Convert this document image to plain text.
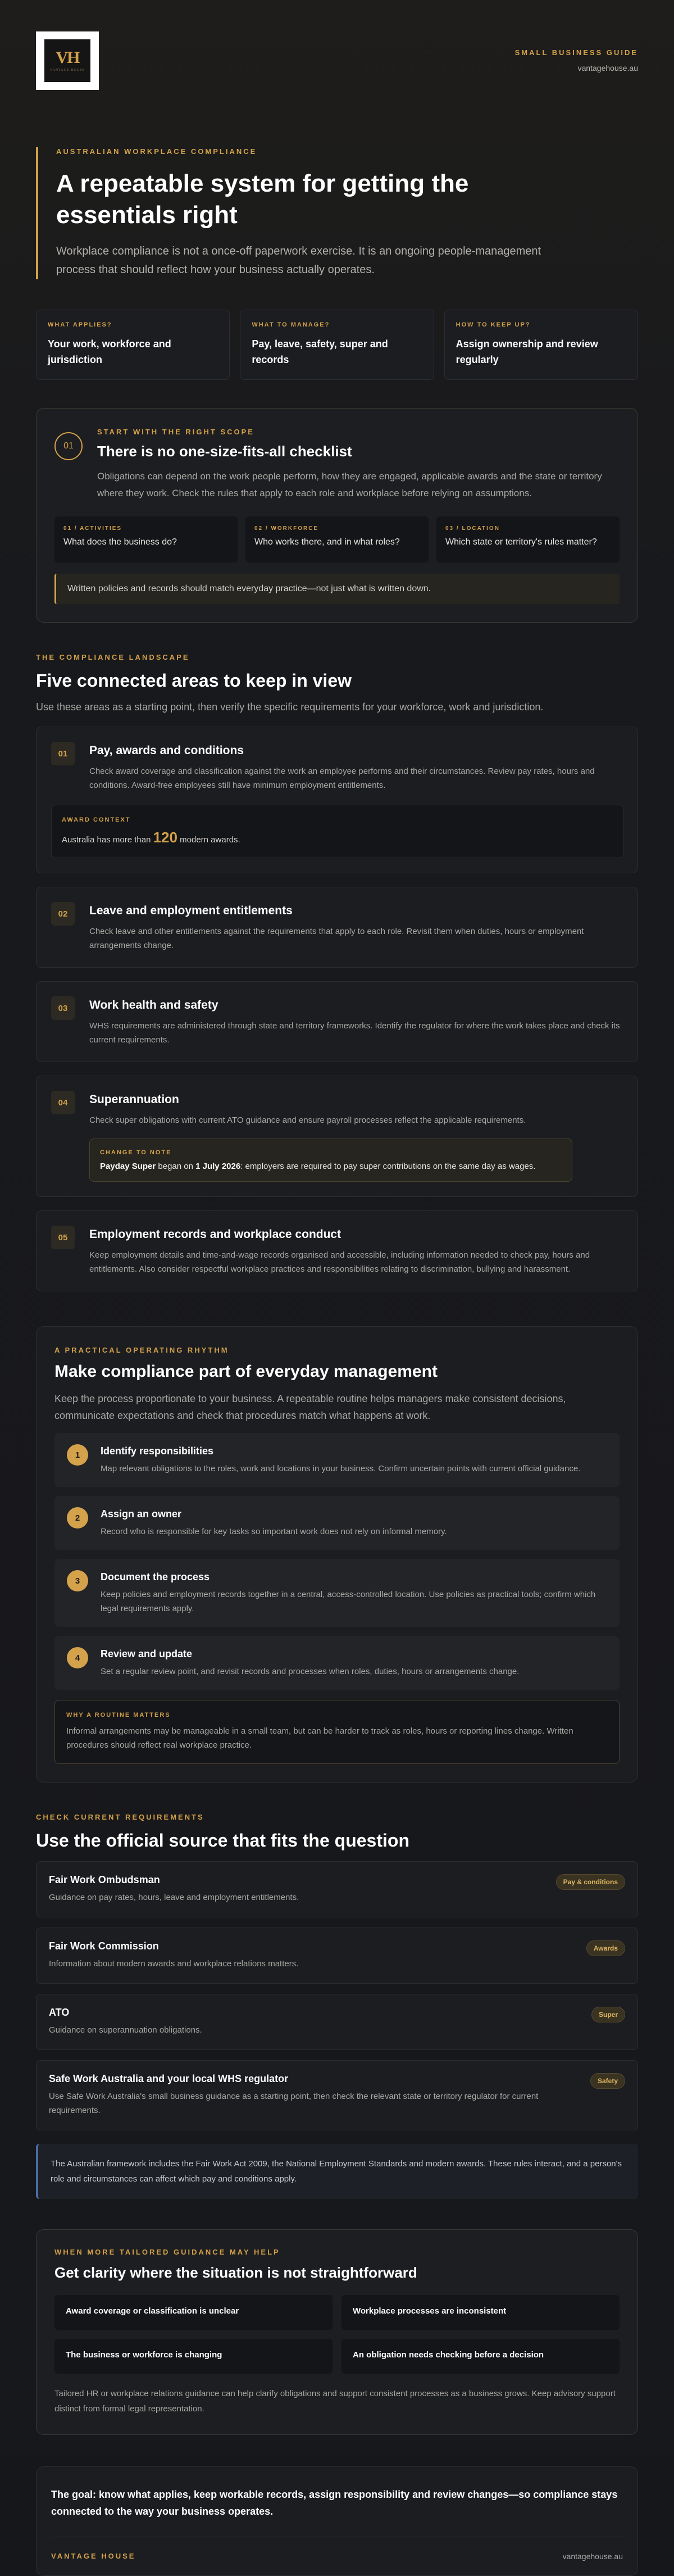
VH
VANTAGE HOUSE
SMALL BUSINESS GUIDE
vantagehouse.au
AUSTRALIAN WORKPLACE COMPLIANCE
A repeatable system for getting the essentials right

Workplace compliance is not a once-off paperwork exercise. It is an ongoing people-management process that should reflect how your business actually operates.

WHAT APPLIES?
Your work, workforce and jurisdiction
WHAT TO MANAGE?
Pay, leave, safety, super and records
HOW TO KEEP UP?
Assign ownership and review regularly
01
START WITH THE RIGHT SCOPE
There is no one-size-fits-all checklist

Obligations can depend on the work people perform, how they are engaged, applicable awards and the state or territory where they work. Check the rules that apply to each role and workplace before relying on assumptions.

01 / ACTIVITIES
What does the business do?
02 / WORKFORCE
Who works there, and in what roles?
03 / LOCATION
Which state or territory's rules matter?
Written policies and records should match everyday practice—not just what is written down.
THE COMPLIANCE LANDSCAPE
Five connected areas to keep in view
Use these areas as a starting point, then verify the specific requirements for your workforce, work and jurisdiction.
01	Pay, awards and conditions

Check award coverage and classification against the work an employee performs and their circumstances. Review pay rates, hours and conditions. Award-free employees still have minimum employment entitlements.

AWARD CONTEXT
Australia has more than 120 modern awards.
02	Leave and employment entitlements

Check leave and other entitlements against the requirements that apply to each role. Revisit them when duties, hours or employment arrangements change.

03	Work health and safety

WHS requirements are administered through state and territory frameworks. Identify the regulator for where the work takes place and check its current requirements.

04	Superannuation

Check super obligations with current ATO guidance and ensure payroll processes reflect the applicable requirements.

CHANGE TO NOTE
Payday Super began on 1 July 2026: employers are required to pay super contributions on the same day as wages.
05	Employment records and workplace conduct

Keep employment details and time-and-wage records organised and accessible, including information needed to check pay, hours and entitlements. Also consider respectful workplace practices and responsibilities relating to discrimination, bullying and harassment.

A PRACTICAL OPERATING RHYTHM
Make compliance part of everyday management
Keep the process proportionate to your business. A repeatable routine helps managers make consistent decisions, communicate expectations and check that procedures match what happens at work.
1	Identify responsibilities

Map relevant obligations to the roles, work and locations in your business. Confirm uncertain points with current official guidance.

2	Assign an owner

Record who is responsible for key tasks so important work does not rely on informal memory.

3	Document the process

Keep policies and employment records together in a central, access-controlled location. Use policies as practical tools; confirm which legal requirements apply.

4	Review and update

Set a regular review point, and revisit records and processes when roles, duties, hours or arrangements change.

WHY A ROUTINE MATTERS
Informal arrangements may be manageable in a small team, but can be harder to track as roles, hours or reporting lines change. Written procedures should reflect real workplace practice.
CHECK CURRENT REQUIREMENTS
Use the official source that fits the question
Fair Work Ombudsman

Guidance on pay rates, hours, leave and employment entitlements.

Pay & conditions
Fair Work Commission

Information about modern awards and workplace relations matters.

Awards
ATO

Guidance on superannuation obligations.

Super
Safe Work Australia and your local WHS regulator

Use Safe Work Australia's small business guidance as a starting point, then check the relevant state or territory regulator for current requirements.

Safety
The Australian framework includes the Fair Work Act 2009, the National Employment Standards and modern awards. These rules interact, and a person's role and circumstances can affect which pay and conditions apply.
WHEN MORE TAILORED GUIDANCE MAY HELP
Get clarity where the situation is not straightforward
Award coverage or classification is unclear	Workplace processes are inconsistent
The business or workforce is changing	An obligation needs checking before a decision

Tailored HR or workplace relations guidance can help clarify obligations and support consistent processes as a business grows. Keep advisory support distinct from formal legal representation.

The goal: know what applies, keep workable records, assign responsibility and review changes—so compliance stays connected to the way your business operates.
VANTAGE HOUSE	vantagehouse.au
